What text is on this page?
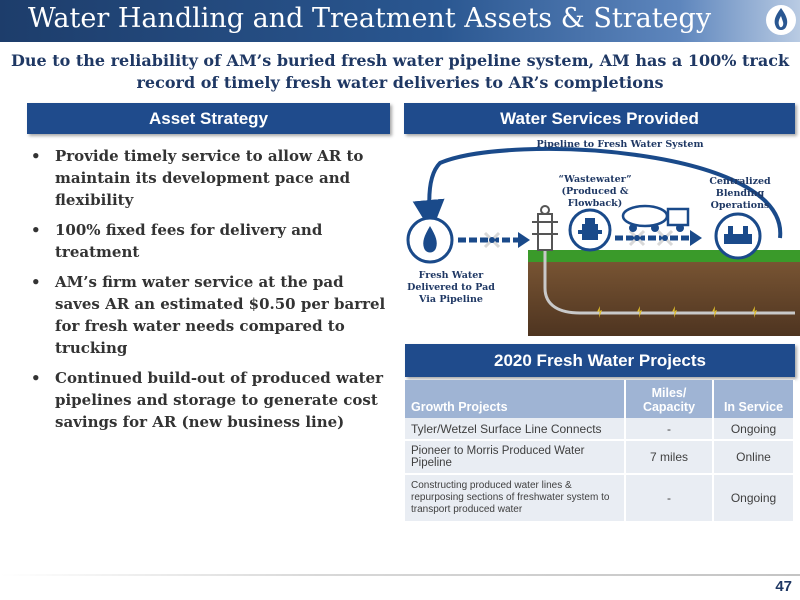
Water Handling and Treatment Assets & Strategy
Due to the reliability of AM’s buried fresh water pipeline system, AM has a 100% track record of timely fresh water deliveries to AR’s completions
Asset Strategy	Water Services Provided
• Provide timely service to allow AR to maintain its development pace and flexibility
• 100% fixed fees for delivery and treatment
• AM’s firm water service at the pad saves AR an estimated $0.50 per barrel for fresh water needs compared to trucking
• Continued build-out of produced water pipelines and storage to generate cost savings for AR (new business line)
Pipeline to Fresh Water System
“Wastewater” (Produced & Flowback)
Centralized Blending Operations
Fresh Water Delivered to Pad Via Pipeline
2020 Fresh Water Projects
Growth Projects	Miles/ Capacity	In Service
Tyler/Wetzel Surface Line Connects	-	Ongoing
Pioneer to Morris Produced Water Pipeline	7 miles	Online
Constructing produced water lines & repurposing sections of freshwater system to transport produced water	-	Ongoing
47
